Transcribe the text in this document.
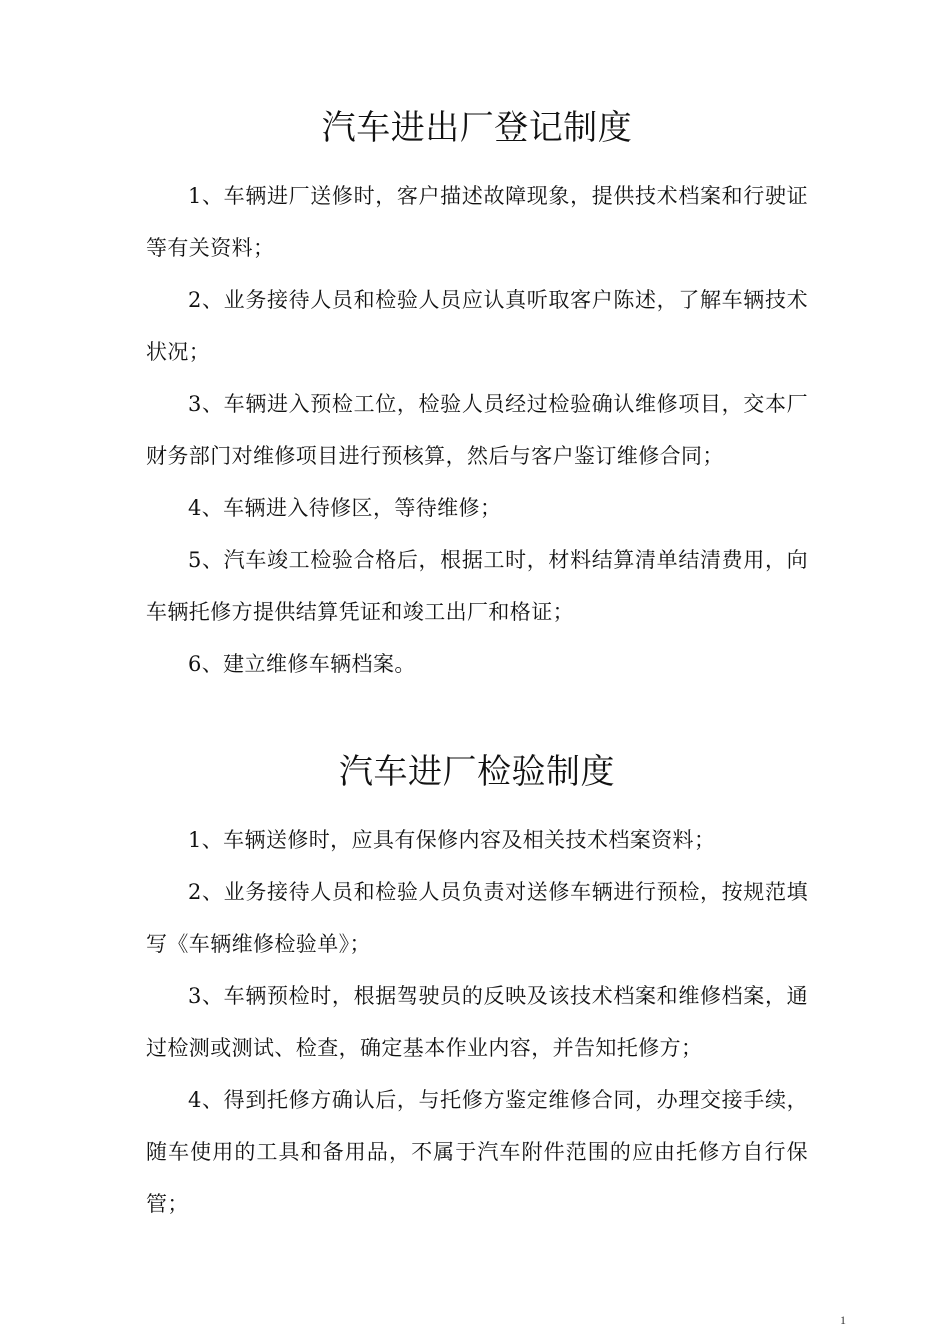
汽车进出厂登记制度
1、车辆进厂送修时，客户描述故障现象，提供技术档案和行驶证等有关资料；
2、业务接待人员和检验人员应认真听取客户陈述，了解车辆技术状况；
3、车辆进入预检工位，检验人员经过检验确认维修项目，交本厂财务部门对维修项目进行预核算，然后与客户鉴订维修合同；
4、车辆进入待修区，等待维修；
5、汽车竣工检验合格后，根据工时，材料结算清单结清费用，向车辆托修方提供结算凭证和竣工出厂和格证；
6、建立维修车辆档案。
汽车进厂检验制度
1、车辆送修时，应具有保修内容及相关技术档案资料；
2、业务接待人员和检验人员负责对送修车辆进行预检，按规范填写《车辆维修检验单》；
3、车辆预检时，根据驾驶员的反映及该技术档案和维修档案，通过检测或测试、检查，确定基本作业内容，并告知托修方；
4、得到托修方确认后，与托修方鉴定维修合同，办理交接手续，随车使用的工具和备用品，不属于汽车附件范围的应由托修方自行保管；
1
